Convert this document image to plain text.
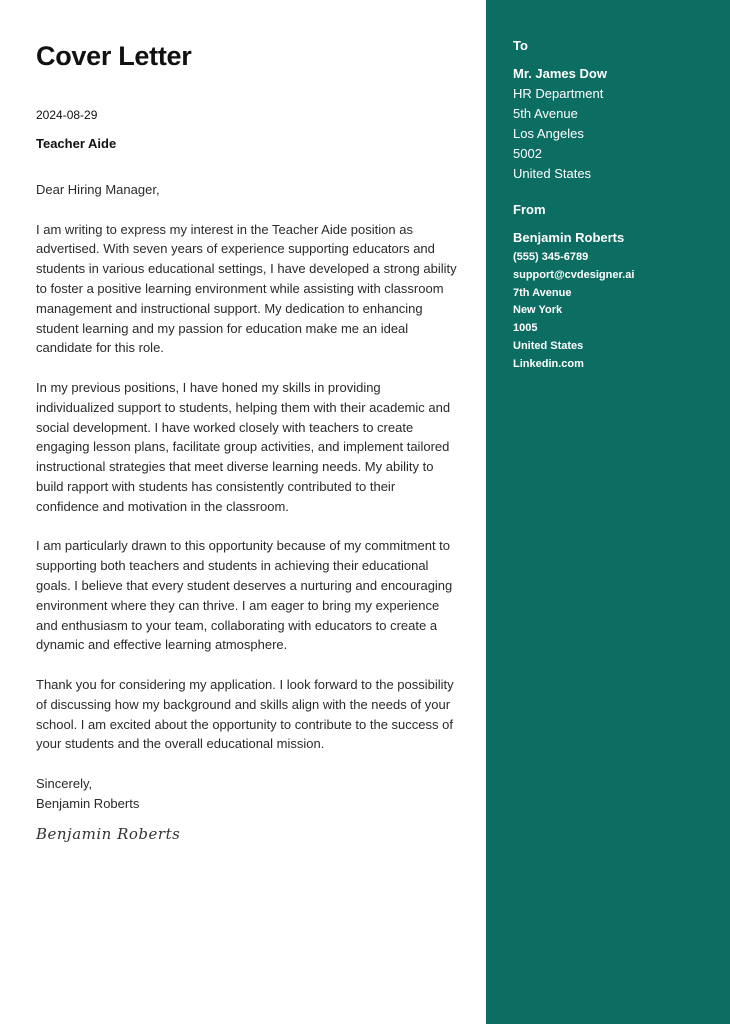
Cover Letter
2024-08-29
Teacher Aide

Dear Hiring Manager,

I am writing to express my interest in the Teacher Aide position as advertised. With seven years of experience supporting educators and students in various educational settings, I have developed a strong ability to foster a positive learning environment while assisting with classroom management and instructional support. My dedication to enhancing student learning and my passion for education make me an ideal candidate for this role.

In my previous positions, I have honed my skills in providing individualized support to students, helping them with their academic and social development. I have worked closely with teachers to create engaging lesson plans, facilitate group activities, and implement tailored instructional strategies that meet diverse learning needs. My ability to build rapport with students has consistently contributed to their confidence and motivation in the classroom.

I am particularly drawn to this opportunity because of my commitment to supporting both teachers and students in achieving their educational goals. I believe that every student deserves a nurturing and encouraging environment where they can thrive. I am eager to bring my experience and enthusiasm to your team, collaborating with educators to create a dynamic and effective learning atmosphere.

Thank you for considering my application. I look forward to the possibility of discussing how my background and skills align with the needs of your school. I am excited about the opportunity to contribute to the success of your students and the overall educational mission.

Sincerely,

Benjamin Roberts

Benjamin Roberts
To
Mr. James Dow
HR Department
5th Avenue
Los Angeles
5002
United States
From
Benjamin Roberts
(555) 345-6789
support@cvdesigner.ai
7th Avenue
New York
1005
United States
Linkedin.com
